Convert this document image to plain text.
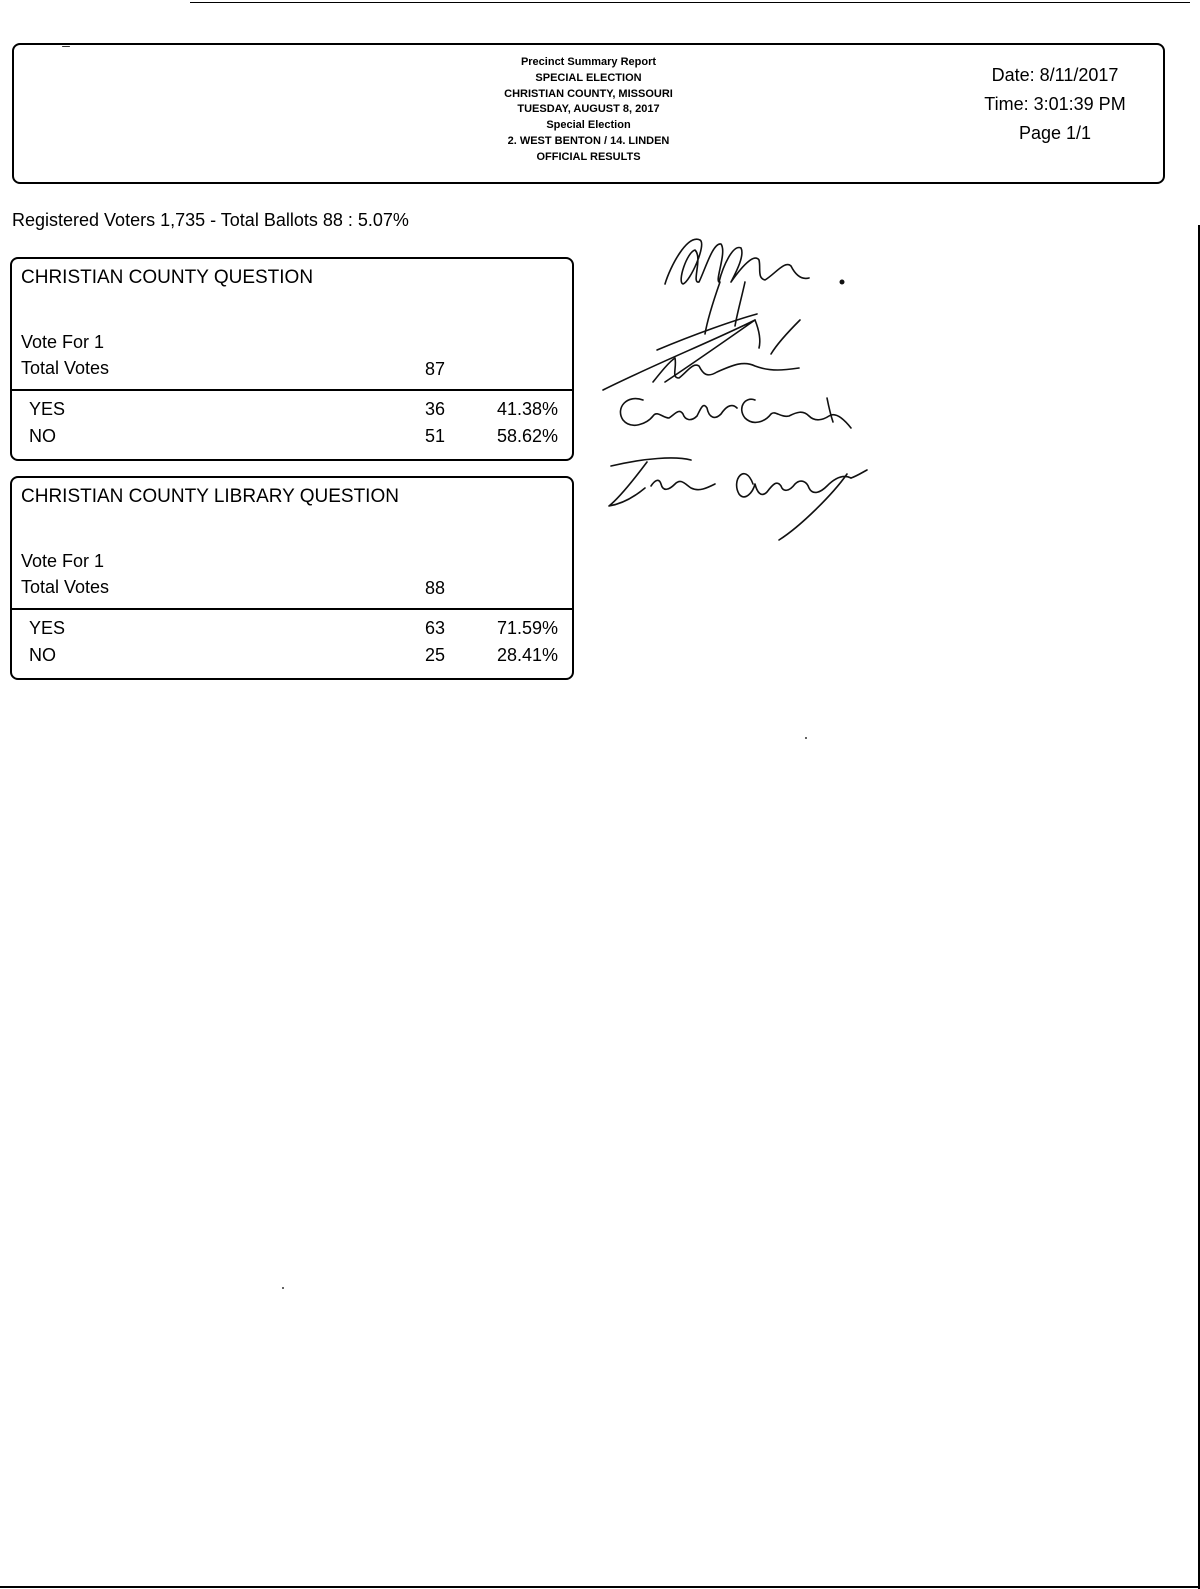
Precinct Summary Report
SPECIAL ELECTION
CHRISTIAN COUNTY, MISSOURI
TUESDAY, AUGUST 8, 2017
Special Election
2. WEST BENTON / 14. LINDEN
OFFICIAL RESULTS
Date: 8/11/2017
Time: 3:01:39 PM
Page 1/1
Registered Voters 1,735 - Total Ballots 88 : 5.07%
CHRISTIAN COUNTY QUESTION
Vote For 1
Total Votes	87
YES	36	41.38%
NO	51	58.62%
CHRISTIAN COUNTY LIBRARY QUESTION
Vote For 1
Total Votes	88
YES	63	71.59%
NO	25	28.41%
